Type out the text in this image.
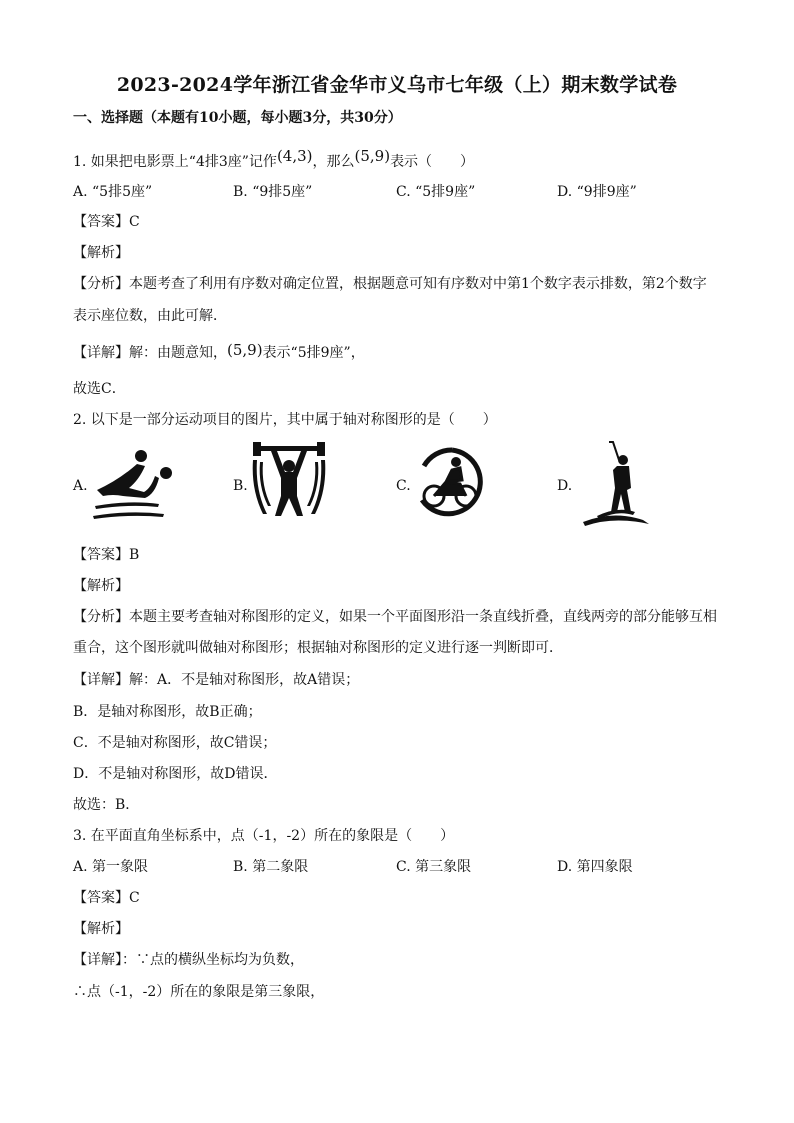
2023-2024学年浙江省金华市义乌市七年级（上）期末数学试卷
一、选择题（本题有10小题，每小题3分，共30分）
1. 如果把电影票上“4排3座”记作(4,3)，那么(5,9)表示（　　）
A. “5排5座”	B. “9排5座”	C. “5排9座”	D. “9排9座”
【答案】C
【解析】
【分析】本题考查了利用有序数对确定位置，根据题意可知有序数对中第1个数字表示排数，第2个数字
表示座位数，由此可解．
【详解】解：由题意知，(5,9)表示“5排9座”，
故选C．
2. 以下是一部分运动项目的图片，其中属于轴对称图形的是（　　）
A.	B.	C.	D.
【答案】B
【解析】
【分析】本题主要考查轴对称图形的定义，如果一个平面图形沿一条直线折叠，直线两旁的部分能够互相
重合，这个图形就叫做轴对称图形；根据轴对称图形的定义进行逐一判断即可．
【详解】解：A．不是轴对称图形，故A错误；
B．是轴对称图形，故B正确；
C．不是轴对称图形，故C错误；
D．不是轴对称图形，故D错误．
故选：B．
3. 在平面直角坐标系中，点（-1，-2）所在的象限是（　　）
A. 第一象限	B. 第二象限	C. 第三象限	D. 第四象限
【答案】C
【解析】
【详解】：∵点的横纵坐标均为负数，
∴点（-1，-2）所在的象限是第三象限，
